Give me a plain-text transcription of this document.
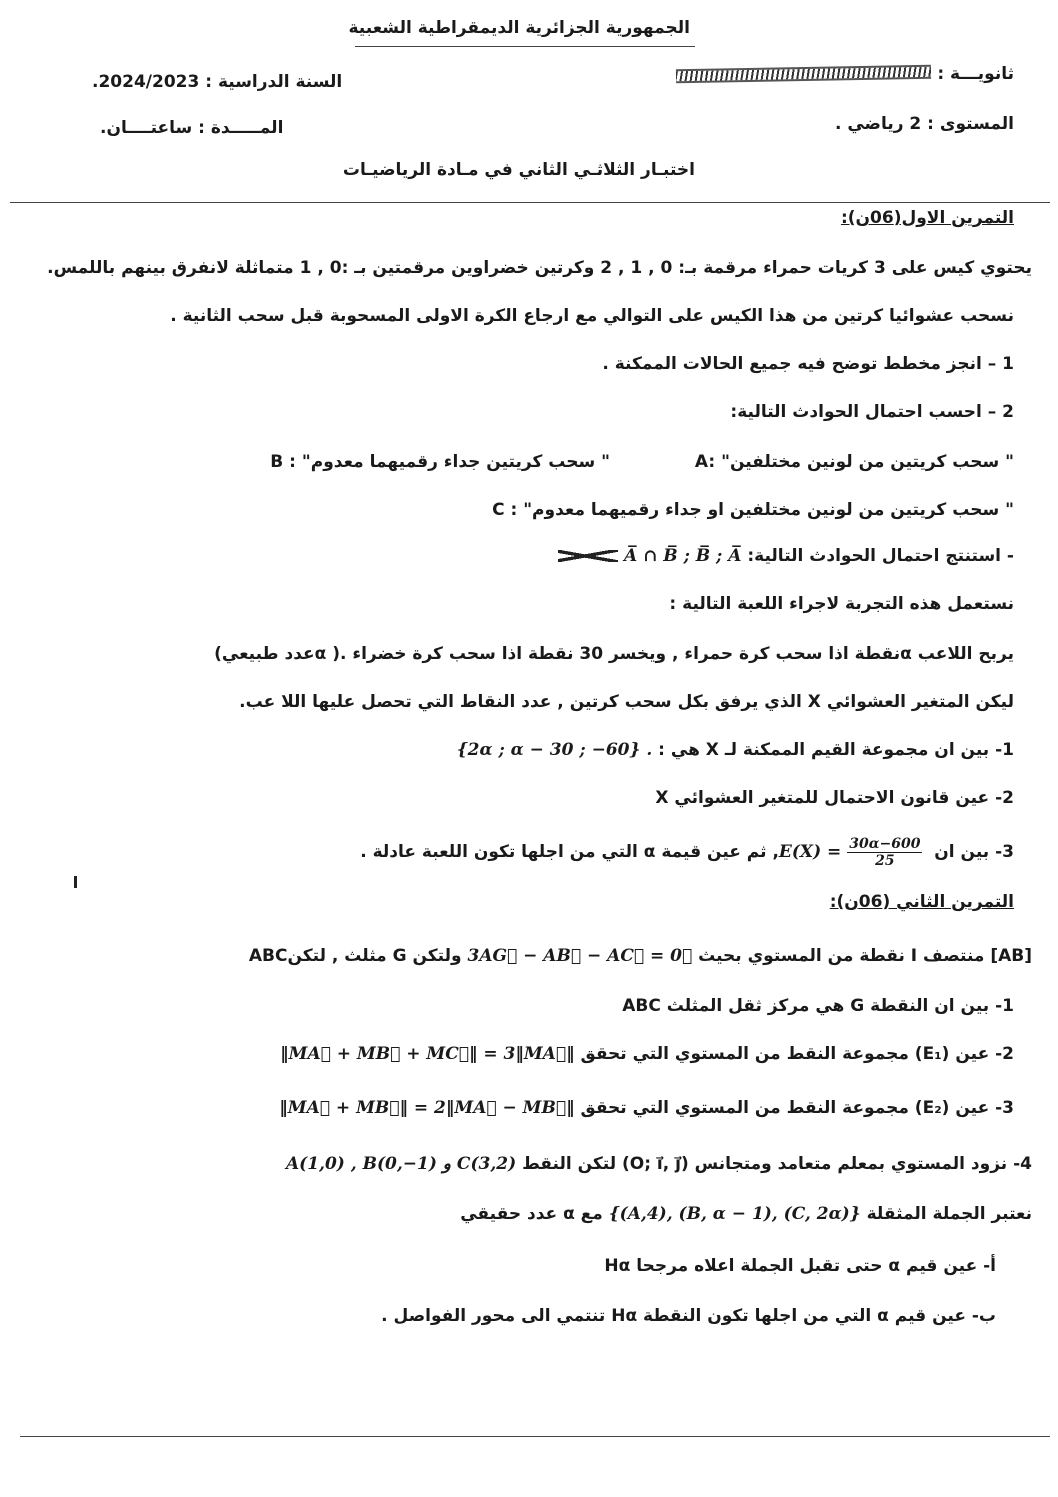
الجمهورية الجزائرية الديمقراطية الشعبية
ثانويـــة :
السنة الدراسية : 2024/2023.
المستوى : 2 رياضي .
المـــــدة : ساعتــــان.
اختبـار الثلاثـي الثاني في مـادة الرياضيـات
التمرين الاول(06ن):
يحتوي كيس على 3 كريات حمراء مرقمة بـ: 0 , 1 , 2 وكرتين خضراوين مرقمتين بـ :0 , 1 متماثلة لانفرق بينهم باللمس.
نسحب عشوائيا كرتين من هذا الكيس على التوالي مع ارجاع الكرة الاولى المسحوبة قبل سحب الثانية .
1 – انجز مخطط توضح فيه جميع الحالات الممكنة .
2 – احسب احتمال الحوادث التالية:
A: "سحب كريتين من لونين مختلفين "
B : "سحب كريتين جداء رقميهما معدوم "
C : "سحب كريتين من لونين مختلفين او جداء رقميهما معدوم "
- استنتج احتمال الحوادث التالية: A̅ ∩ B̅ ; B̅ ; A̅
نستعمل هذه التجربة لاجراء اللعبة التالية :
يربح اللاعب αنقطة اذا سحب كرة حمراء , ويخسر 30 نقطة اذا سحب كرة خضراء .( αعدد طبيعي)
ليكن المتغير العشوائي X الذي يرفق بكل سحب كرتين , عدد النقاط التي تحصل عليها اللا عب.
1- بين ان مجموعة القيم الممكنة لـ X هي : {2α ; α − 30 ; −60} .
2- عين قانون الاحتمال للمتغير العشوائي X
3- بين ان $E(X) = \frac{30\alpha-600}{25}$
, ثم عين قيمة α التي من اجلها تكون اللعبة عادلة .
التمرين الثاني (06ن):
ABCمثلث , لتكن G نقطة من المستوي بحيث 3AG⃗ − AB⃗ − AC⃗ = 0⃗ ولتكن I منتصف [AB]
1- بين ان النقطة G هي مركز ثقل المثلث ABC
2- عين (E₁) مجموعة النقط من المستوي التي تحقق ‖MA⃗ + MB⃗ + MC⃗‖ = 3‖MA⃗‖
3- عين (E₂) مجموعة النقط من المستوي التي تحقق ‖MA⃗ + MB⃗‖ = 2‖MA⃗ − MB⃗‖
4- نزود المستوي بمعلم متعامد ومتجانس (O; i⃗, j⃗) لتكن النقط A(1,0) , B(0,−1) و C(3,2)
نعتبر الجملة المثقلة {(A,4), (B, α − 1), (C, 2α)} مع α عدد حقيقي
أ- عين قيم α حتى تقبل الجملة اعلاه مرجحا Hα
ب- عين قيم α التي من اجلها تكون النقطة Hα تنتمي الى محور الفواصل .
